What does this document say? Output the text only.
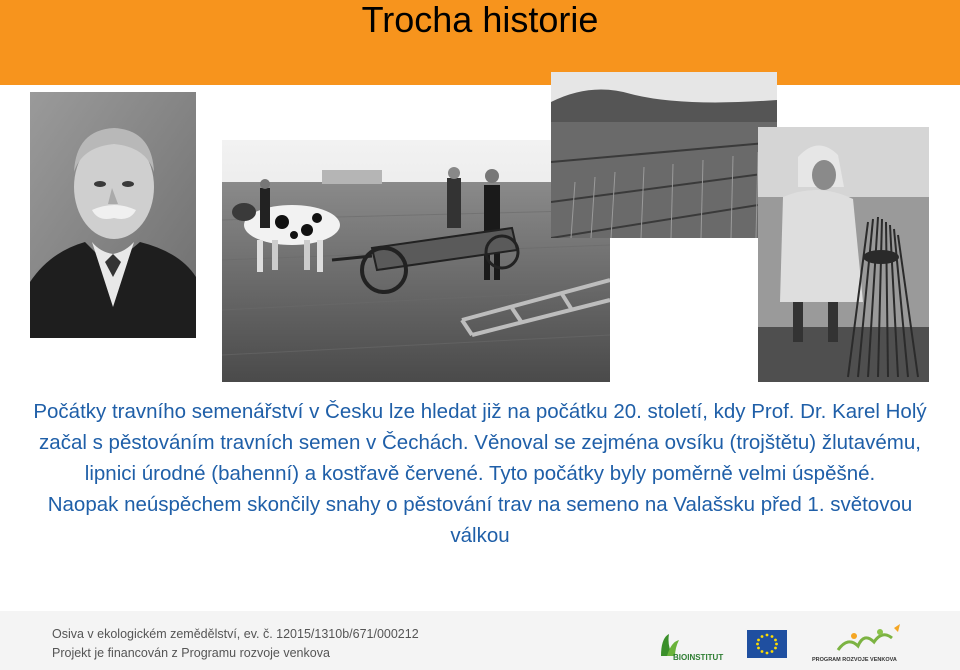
Trocha historie

Počátky travního semenářství v Česku lze hledat již na počátku 20. století, kdy Prof. Dr. Karel Holý začal s pěstováním travních semen v Čechách. Věnoval se zejména ovsíku (trojštětu) žlutavému, lipnici úrodné (bahenní) a kostřavě červené. Tyto počátky byly poměrně velmi úspěšné.

Naopak neúspěchem skončily snahy o pěstování trav na semeno na Valašsku před 1. světovou válkou

Osiva v ekologickém zemědělství, ev. č. 12015/1310b/671/000212
Projekt je financován z Programu rozvoje venkova	BIOINSTITUT	PROGRAM ROZVOJE VENKOVA
